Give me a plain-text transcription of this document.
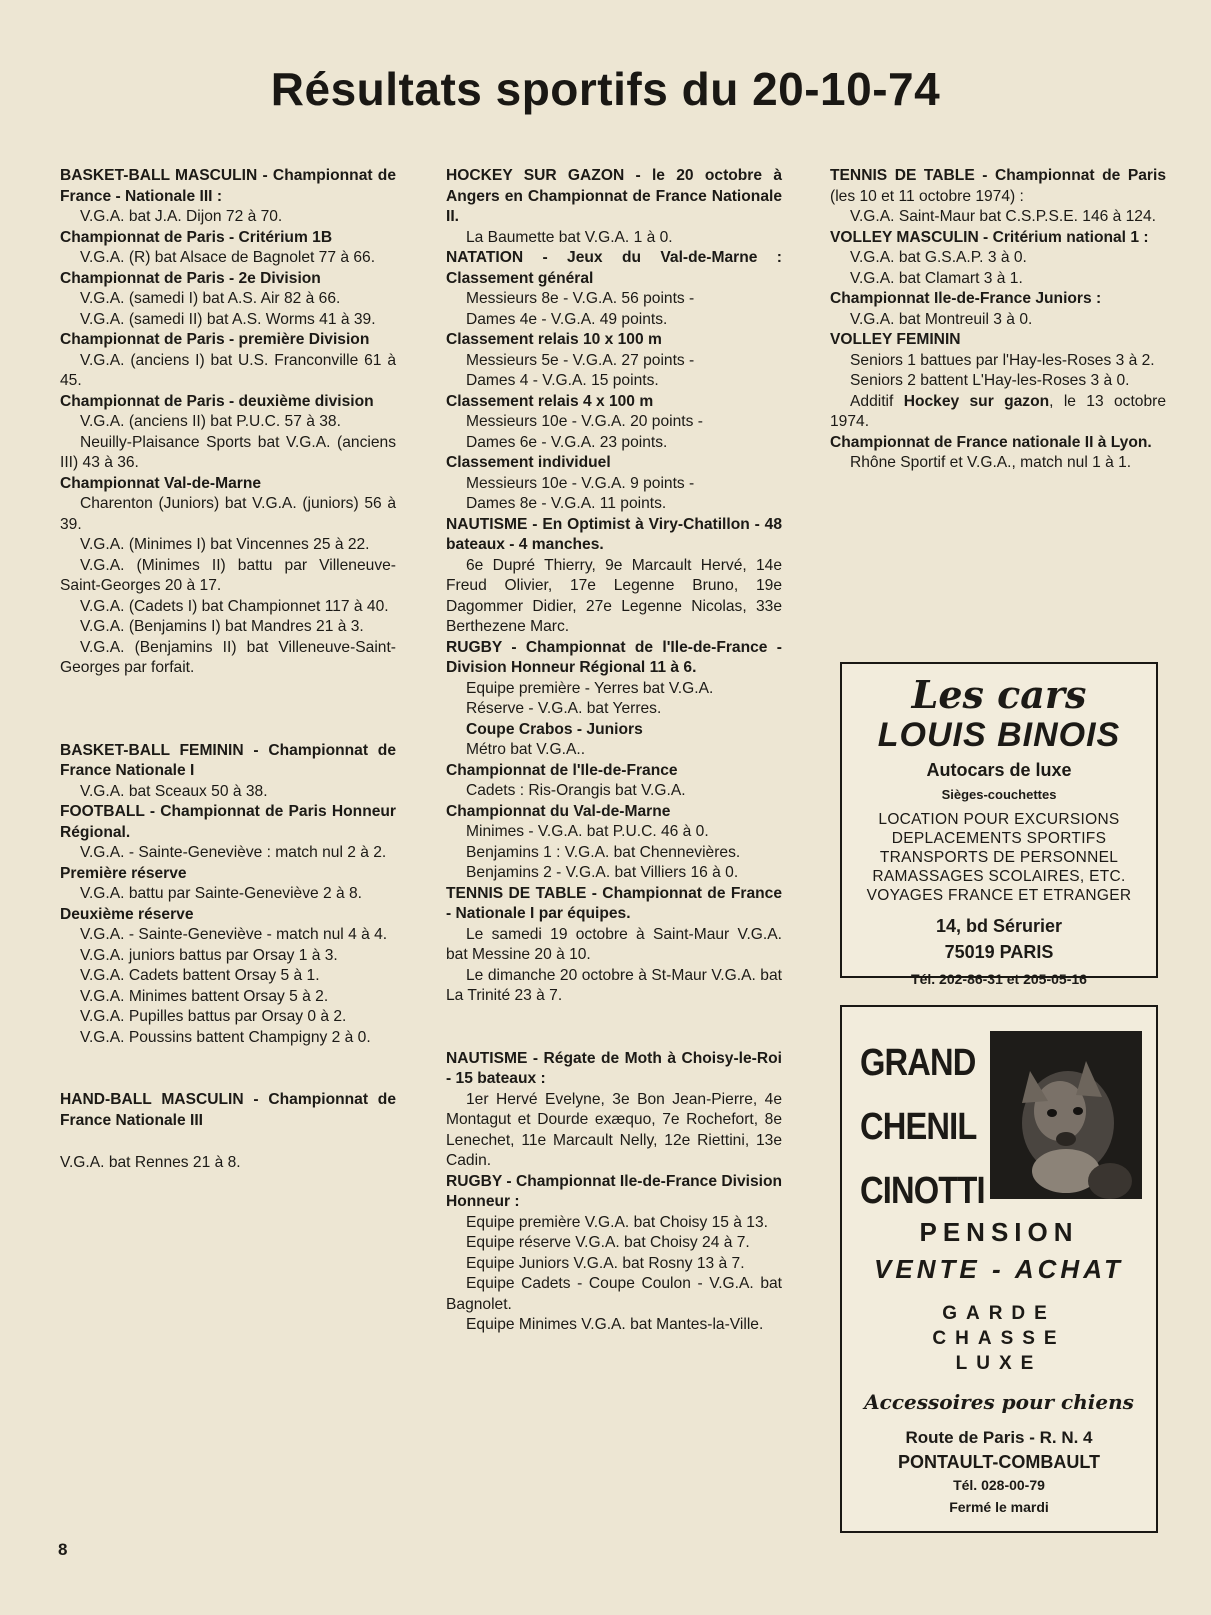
Résultats sportifs du 20-10-74

BASKET-BALL MASCULIN - Championnat de France - Nationale III :

V.G.A. bat J.A. Dijon 72 à 70.

Championnat de Paris - Critérium 1B

V.G.A. (R) bat Alsace de Bagnolet 77 à 66.

Championnat de Paris - 2e Division

V.G.A. (samedi I) bat A.S. Air 82 à 66.

V.G.A. (samedi II) bat A.S. Worms 41 à 39.

Championnat de Paris - première Division

V.G.A. (anciens I) bat U.S. Franconville 61 à 45.

Championnat de Paris - deuxième division

V.G.A. (anciens II) bat P.U.C. 57 à 38.

Neuilly-Plaisance Sports bat V.G.A. (anciens III) 43 à 36.

Championnat Val-de-Marne

Charenton (Juniors) bat V.G.A. (juniors) 56 à 39.

V.G.A. (Minimes I) bat Vincennes 25 à 22.

V.G.A. (Minimes II) battu par Villeneuve-Saint-Georges 20 à 17.

V.G.A. (Cadets I) bat Championnet 117 à 40.

V.G.A. (Benjamins I) bat Mandres 21 à 3.

V.G.A. (Benjamins II) bat Villeneuve-Saint-Georges par forfait.

BASKET-BALL FEMININ - Championnat de France Nationale I

V.G.A. bat Sceaux 50 à 38.

FOOTBALL - Championnat de Paris Honneur Régional.

V.G.A. - Sainte-Geneviève : match nul 2 à 2.

Première réserve

V.G.A. battu par Sainte-Geneviève 2 à 8.

Deuxième réserve

V.G.A. - Sainte-Geneviève - match nul 4 à 4.

V.G.A. juniors battus par Orsay 1 à 3.

V.G.A. Cadets battent Orsay 5 à 1.

V.G.A. Minimes battent Orsay 5 à 2.

V.G.A. Pupilles battus par Orsay 0 à 2.

V.G.A. Poussins battent Champigny 2 à 0.

HAND-BALL MASCULIN - Championnat de France Nationale III

V.G.A. bat Rennes 21 à 8.

HOCKEY SUR GAZON - le 20 octobre à Angers en Championnat de France Nationale II.

La Baumette bat V.G.A. 1 à 0.

NATATION - Jeux du Val-de-Marne : Classement général

Messieurs 8e - V.G.A. 56 points -

Dames 4e - V.G.A. 49 points.

Classement relais 10 x 100 m

Messieurs 5e - V.G.A. 27 points -

Dames 4 - V.G.A. 15 points.

Classement relais 4 x 100 m

Messieurs 10e - V.G.A. 20 points -

Dames 6e - V.G.A. 23 points.

Classement individuel

Messieurs 10e - V.G.A. 9 points -

Dames 8e - V.G.A. 11 points.

NAUTISME - En Optimist à Viry-Chatillon - 48 bateaux - 4 manches.

6e Dupré Thierry, 9e Marcault Hervé, 14e Freud Olivier, 17e Legenne Bruno, 19e Dagommer Didier, 27e Legenne Nicolas, 33e Berthezene Marc.

RUGBY - Championnat de l'Ile-de-France - Division Honneur Régional 11 à 6.

Equipe première - Yerres bat V.G.A.

Réserve - V.G.A. bat Yerres.

Coupe Crabos - Juniors

Métro bat V.G.A..

Championnat de l'Ile-de-France

Cadets : Ris-Orangis bat V.G.A.

Championnat du Val-de-Marne

Minimes - V.G.A. bat P.U.C. 46 à 0.

Benjamins 1 : V.G.A. bat Chennevières.

Benjamins 2 - V.G.A. bat Villiers 16 à 0.

TENNIS DE TABLE - Championnat de France - Nationale I par équipes.

Le samedi 19 octobre à Saint-Maur V.G.A. bat Messine 20 à 10.

Le dimanche 20 octobre à St-Maur V.G.A. bat La Trinité 23 à 7.

NAUTISME - Régate de Moth à Choisy-le-Roi - 15 bateaux :

1er Hervé Evelyne, 3e Bon Jean-Pierre, 4e Montagut et Dourde exæquo, 7e Rochefort, 8e Lenechet, 11e Marcault Nelly, 12e Riettini, 13e Cadin.

RUGBY - Championnat Ile-de-France Division Honneur :

Equipe première V.G.A. bat Choisy 15 à 13.

Equipe réserve V.G.A. bat Choisy 24 à 7.

Equipe Juniors V.G.A. bat Rosny 13 à 7.

Equipe Cadets - Coupe Coulon - V.G.A. bat Bagnolet.

Equipe Minimes V.G.A. bat Mantes-la-Ville.

TENNIS DE TABLE - Championnat de Paris (les 10 et 11 octobre 1974) :

V.G.A. Saint-Maur bat C.S.P.S.E. 146 à 124.

VOLLEY MASCULIN - Critérium national 1 :

V.G.A. bat G.S.A.P. 3 à 0.

V.G.A. bat Clamart 3 à 1.

Championnat Ile-de-France Juniors :

V.G.A. bat Montreuil 3 à 0.

VOLLEY FEMININ

Seniors 1 battues par l'Hay-les-Roses 3 à 2.

Seniors 2 battent L'Hay-les-Roses 3 à 0.

Additif Hockey sur gazon, le 13 octobre 1974.

Championnat de France nationale II à Lyon.

Rhône Sportif et V.G.A., match nul 1 à 1.

Les cars
LOUIS BINOIS
Autocars de luxe
Sièges-couchettes
LOCATION POUR EXCURSIONS
DEPLACEMENTS SPORTIFS
TRANSPORTS DE PERSONNEL
RAMASSAGES SCOLAIRES, ETC.
VOYAGES FRANCE ET ETRANGER
14, bd Sérurier
75019 PARIS
Tél. 202-86-31 et 205-05-16
GRAND
CHENIL
CINOTTI
PENSION
VENTE - ACHAT
GARDE
CHASSE
LUXE
Accessoires pour chiens
Route de Paris - R. N. 4
PONTAULT-COMBAULT
Tél. 028-00-79
Fermé le mardi
8
